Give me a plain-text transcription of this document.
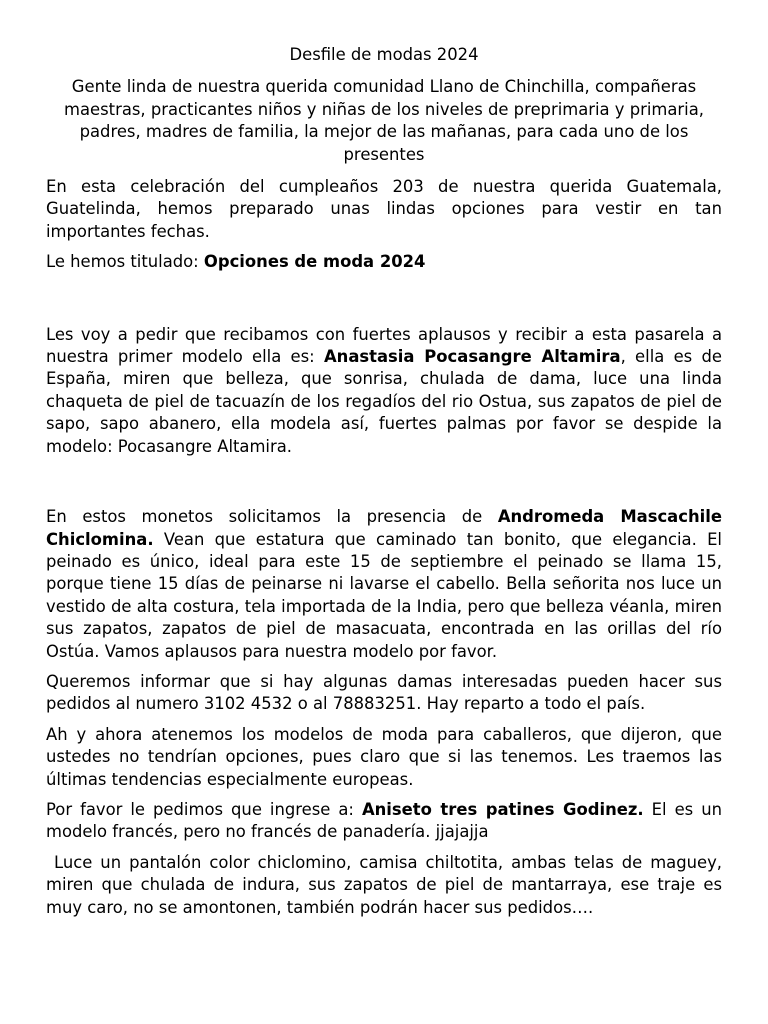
Desfile de modas 2024

Gente linda de nuestra querida comunidad Llano de Chinchilla, compañeras maestras, practicantes niños y niñas de los niveles de preprimaria y primaria, padres, madres de familia, la mejor de las mañanas, para cada uno de los presentes

En esta celebración del cumpleaños 203 de nuestra querida Guatemala, Guatelinda, hemos preparado unas lindas opciones para vestir en tan importantes fechas.

Le hemos titulado: Opciones de moda 2024

Les voy a pedir que recibamos con fuertes aplausos y recibir a esta pasarela a nuestra primer modelo ella es: Anastasia Pocasangre Altamira, ella es de España, miren que belleza, que sonrisa, chulada de dama, luce una linda chaqueta de piel de tacuazín de los regadíos del rio Ostua, sus zapatos de piel de sapo, sapo abanero, ella modela así, fuertes palmas por favor se despide la modelo: Pocasangre Altamira.

En estos monetos solicitamos la presencia de Andromeda Mascachile Chiclomina. Vean que estatura que caminado tan bonito, que elegancia. El peinado es único, ideal para este 15 de septiembre el peinado se llama 15, porque tiene 15 días de peinarse ni lavarse el cabello. Bella señorita nos luce un vestido de alta costura, tela importada de la India, pero que belleza véanla, miren sus zapatos, zapatos de piel de masacuata, encontrada en las orillas del río Ostúa. Vamos aplausos para nuestra modelo por favor.

Queremos informar que si hay algunas damas interesadas pueden hacer sus pedidos al numero 3102 4532 o al 78883251. Hay reparto a todo el país.

Ah y ahora atenemos los modelos de moda para caballeros, que dijeron, que ustedes no tendrían opciones, pues claro que si las tenemos. Les traemos las últimas tendencias especialmente europeas.

Por favor le pedimos que ingrese a: Aniseto tres patines Godinez. El es un modelo francés, pero no francés de panadería. jjajajja

Luce un pantalón color chiclomino, camisa chiltotita, ambas telas de maguey, miren que chulada de indura, sus zapatos de piel de mantarraya, ese traje es muy caro, no se amontonen, también podrán hacer sus pedidos….
